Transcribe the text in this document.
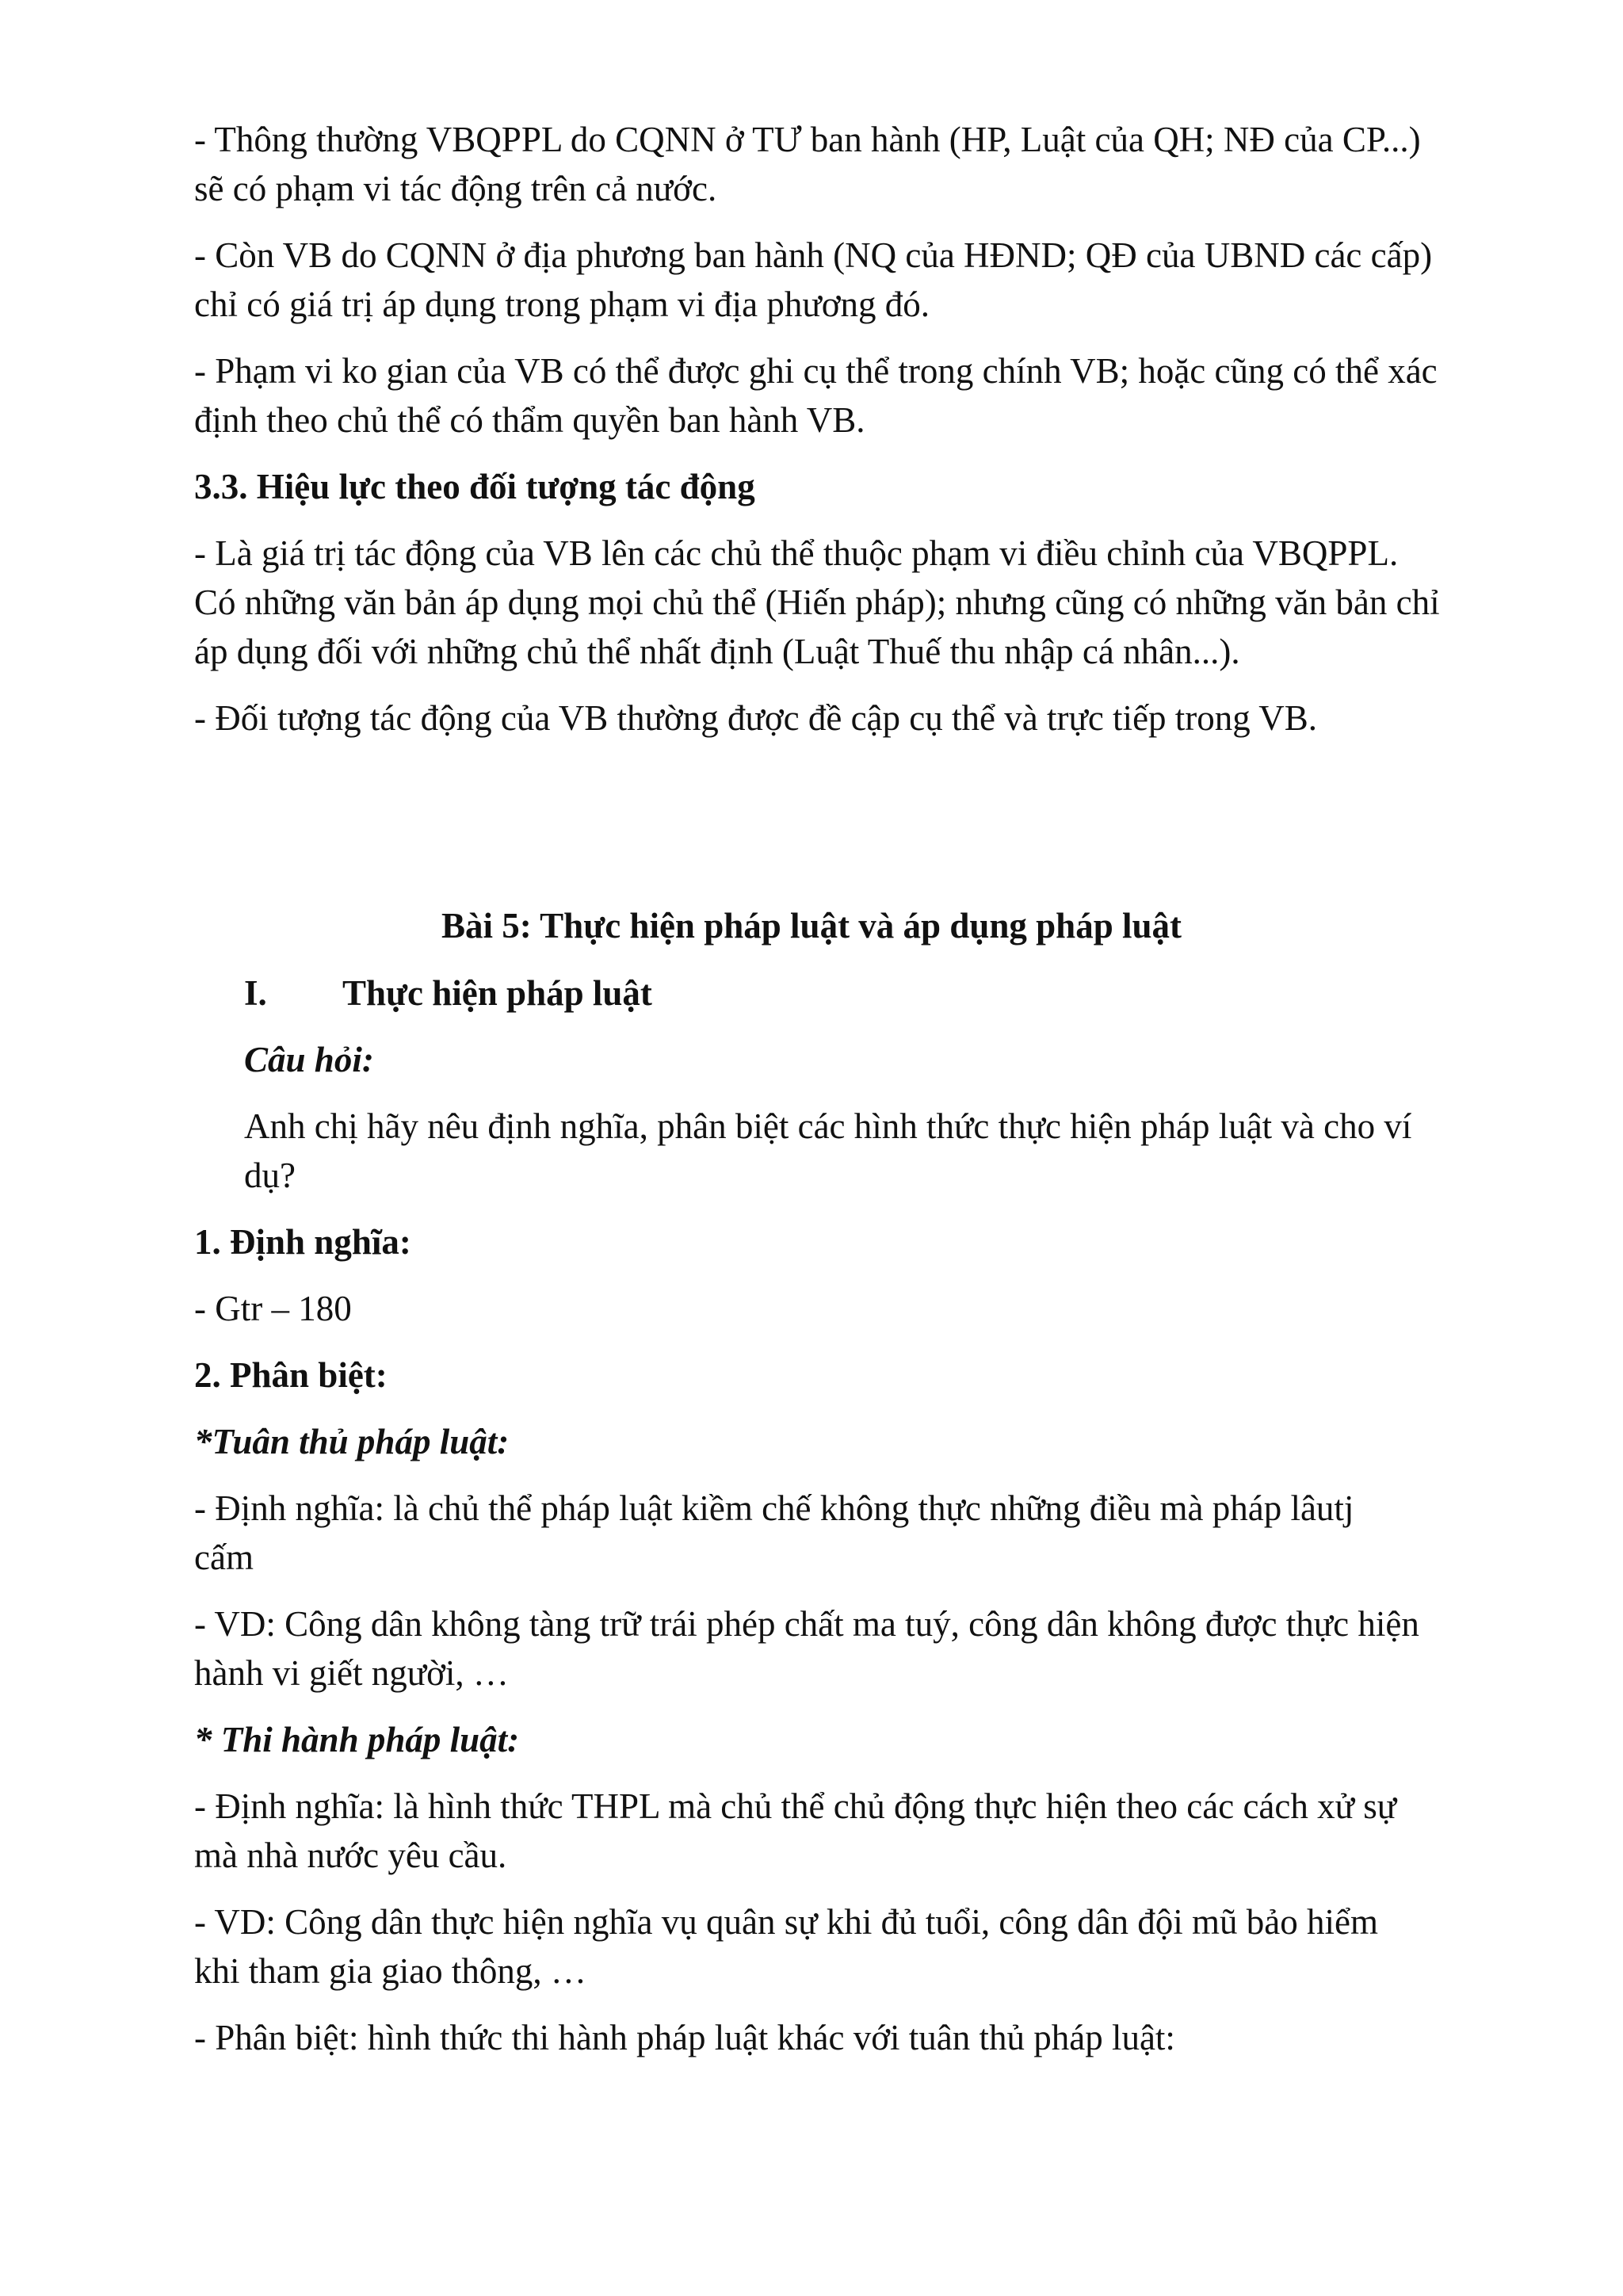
- Thông thường VBQPPL do CQNN ở TƯ ban hành (HP, Luật của QH; NĐ của CP...)

sẽ có phạm vi tác động trên cả nước.

- Còn VB do CQNN ở địa phương ban hành (NQ của HĐND; QĐ của UBND các cấp)

chỉ có giá trị áp dụng trong phạm vi địa phương đó.

- Phạm vi ko gian của VB có thể được ghi cụ thể trong chính VB; hoặc cũng có thể xác

định theo chủ thể có thẩm quyền ban hành VB.

3.3. Hiệu lực theo đối tượng tác động

- Là giá trị tác động của VB lên các chủ thể thuộc phạm vi điều chỉnh của VBQPPL.

Có những văn bản áp dụng mọi chủ thể (Hiến pháp); nhưng cũng có những văn bản chỉ

áp dụng đối với những chủ thể nhất định (Luật Thuế thu nhập cá nhân...).

- Đối tượng tác động của VB thường được đề cập cụ thể và trực tiếp trong VB.

Bài 5: Thực hiện pháp luật và áp dụng pháp luật

I. Thực hiện pháp luật

Câu hỏi:

Anh chị hãy nêu định nghĩa, phân biệt các hình thức thực hiện pháp luật và cho ví

dụ?

1. Định nghĩa:

- Gtr – 180

2. Phân biệt:

*Tuân thủ pháp luật:

- Định nghĩa: là chủ thể pháp luật kiềm chế không thực những điều mà pháp lâutj

cấm

- VD: Công dân không tàng trữ trái phép chất ma tuý, công dân không được thực hiện

hành vi giết người, …

* Thi hành pháp luật:

- Định nghĩa: là hình thức THPL mà chủ thể chủ động thực hiện theo các cách xử sự

mà nhà nước yêu cầu.

- VD: Công dân thực hiện nghĩa vụ quân sự khi đủ tuổi, công dân đội mũ bảo hiểm

khi tham gia giao thông, …

- Phân biệt: hình thức thi hành pháp luật khác với tuân thủ pháp luật:
